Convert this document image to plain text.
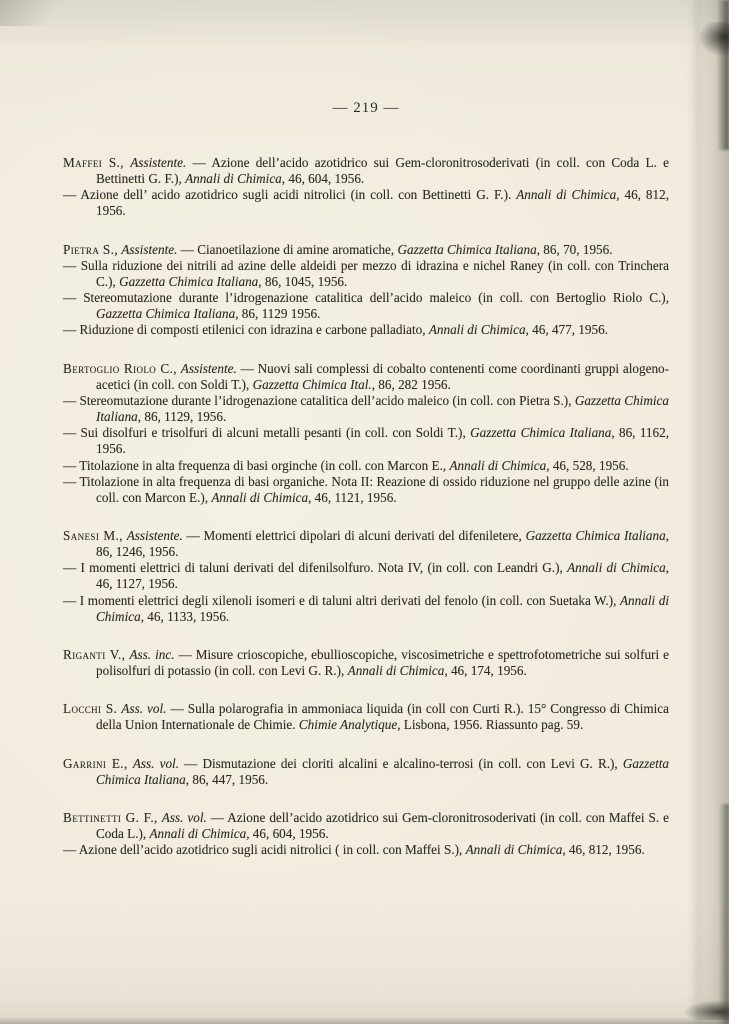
— 219 —

Maffei S., Assistente. — Azione dell’acido azotidrico sui Gem-cloronitrosoderivati (in coll. con Coda L. e Bettinetti G. F.), Annali di Chimica, 46, 604, 1956.

— Azione dell’ acido azotidrico sugli acidi nitrolici (in coll. con Bettinetti G. F.). Annali di Chimica, 46, 812, 1956.

Pietra S., Assistente. — Cianoetilazione di amine aromatiche, Gazzetta Chimica Italiana, 86, 70, 1956.

— Sulla riduzione dei nitrili ad azine delle aldeidi per mezzo di idrazina e nichel Raney (in coll. con Trinchera C.), Gazzetta Chimica Italiana, 86, 1045, 1956.

— Stereomutazione durante l’idrogenazione catalitica dell’acido maleico (in coll. con Bertoglio Riolo C.), Gazzetta Chimica Italiana, 86, 1129 1956.

— Riduzione di composti etilenici con idrazina e carbone palladiato, Annali di Chimica, 46, 477, 1956.

Bertoglio Riolo C., Assistente. — Nuovi sali complessi di cobalto contenenti come coordinanti gruppi alogeno-acetici (in coll. con Soldi T.), Gazzetta Chimica Ital., 86, 282 1956.

— Stereomutazione durante l’idrogenazione catalitica dell’acido maleico (in coll. con Pietra S.), Gazzetta Chimica Italiana, 86, 1129, 1956.

— Sui disolfuri e trisolfuri di alcuni metalli pesanti (in coll. con Soldi T.), Gazzetta Chimica Italiana, 86, 1162, 1956.

— Titolazione in alta frequenza di basi orginche (in coll. con Marcon E., Annali di Chimica, 46, 528, 1956.

— Titolazione in alta frequenza di basi organiche. Nota II: Reazione di ossido riduzione nel gruppo delle azine (in coll. con Marcon E.), Annali di Chimica, 46, 1121, 1956.

Sanesi M., Assistente. — Momenti elettrici dipolari di alcuni derivati del difeniletere, Gazzetta Chimica Italiana, 86, 1246, 1956.

— I momenti elettrici di taluni derivati del difenilsolfuro. Nota IV, (in coll. con Leandri G.), Annali di Chimica, 46, 1127, 1956.

— I momenti elettrici degli xilenoli isomeri e di taluni altri derivati del fenolo (in coll. con Suetaka W.), Annali di Chimica, 46, 1133, 1956.

Riganti V., Ass. inc. — Misure crioscopiche, ebullioscopiche, viscosimetriche e spettrofotometriche sui solfuri e polisolfuri di potassio (in coll. con Levi G. R.), Annali di Chimica, 46, 174, 1956.

Locchi S. Ass. vol. — Sulla polarografia in ammoniaca liquida (in coll con Curti R.). 15° Congresso di Chimica della Union Internationale de Chimie. Chimie Analytique, Lisbona, 1956. Riassunto pag. 59.

Garrini E., Ass. vol. — Dismutazione dei cloriti alcalini e alcalino-terrosi (in coll. con Levi G. R.), Gazzetta Chimica Italiana, 86, 447, 1956.

Bettinetti G. F., Ass. vol. — Azione dell’acido azotidrico sui Gem-cloronitrosoderivati (in coll. con Maffei S. e Coda L.), Annali di Chimica, 46, 604, 1956.

— Azione dell’acido azotidrico sugli acidi nitrolici ( in coll. con Maffei S.), Annali di Chimica, 46, 812, 1956.
